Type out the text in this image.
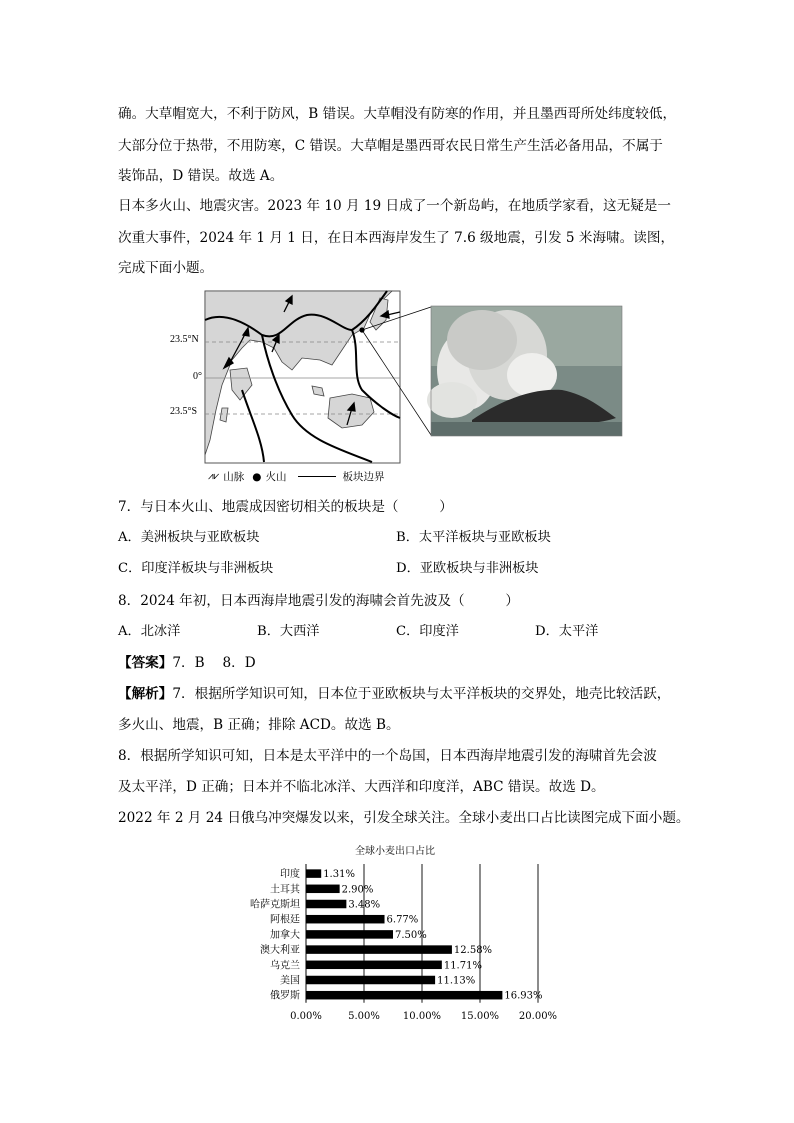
确。大草帽宽大，不利于防风，B 错误。大草帽没有防寒的作用，并且墨西哥所处纬度较低，
大部分位于热带，不用防寒，C 错误。大草帽是墨西哥农民日常生产生活必备用品，不属于
装饰品，D 错误。故选 A。
日本多火山、地震灾害。2023 年 10 月 19 日成了一个新岛屿，在地质学家看，这无疑是一
次重大事件，2024 年 1 月 1 日，在日本西海岸发生了 7.6 级地震，引发 5 米海啸。读图，
完成下面小题。
23.5°N
0°
23.5°S
⩘⩗ 山脉 ● 火山	板块边界
7．与日本火山、地震成因密切相关的板块是（　　　）
A．美洲板块与亚欧板块	B．太平洋板块与亚欧板块
C．印度洋板块与非洲板块	D．亚欧板块与非洲板块
8．2024 年初，日本西海岸地震引发的海啸会首先波及（　　　）
A．北冰洋	B．大西洋	C．印度洋	D．太平洋
【答案】7．B　 8．D
【解析】7．根据所学知识可知，日本位于亚欧板块与太平洋板块的交界处，地壳比较活跃，
多火山、地震，B 正确；排除 ACD。故选 B。
8．根据所学知识可知，日本是太平洋中的一个岛国，日本西海岸地震引发的海啸首先会波
及太平洋，D 正确；日本并不临北冰洋、大西洋和印度洋，ABC 错误。故选 D。
2022 年 2 月 24 日俄乌冲突爆发以来，引发全球关注。全球小麦出口占比读图完成下面小题。
全球小麦出口占比
印度
土耳其
哈萨克斯坦
阿根廷
加拿大
澳大利亚
乌克兰
美国
俄罗斯
1.31%
2.90%
3.48%
6.77%
7.50%
12.58%
11.71%
11.13%
16.93%
0.00%	5.00% 10.00% 15.00% 20.00%
